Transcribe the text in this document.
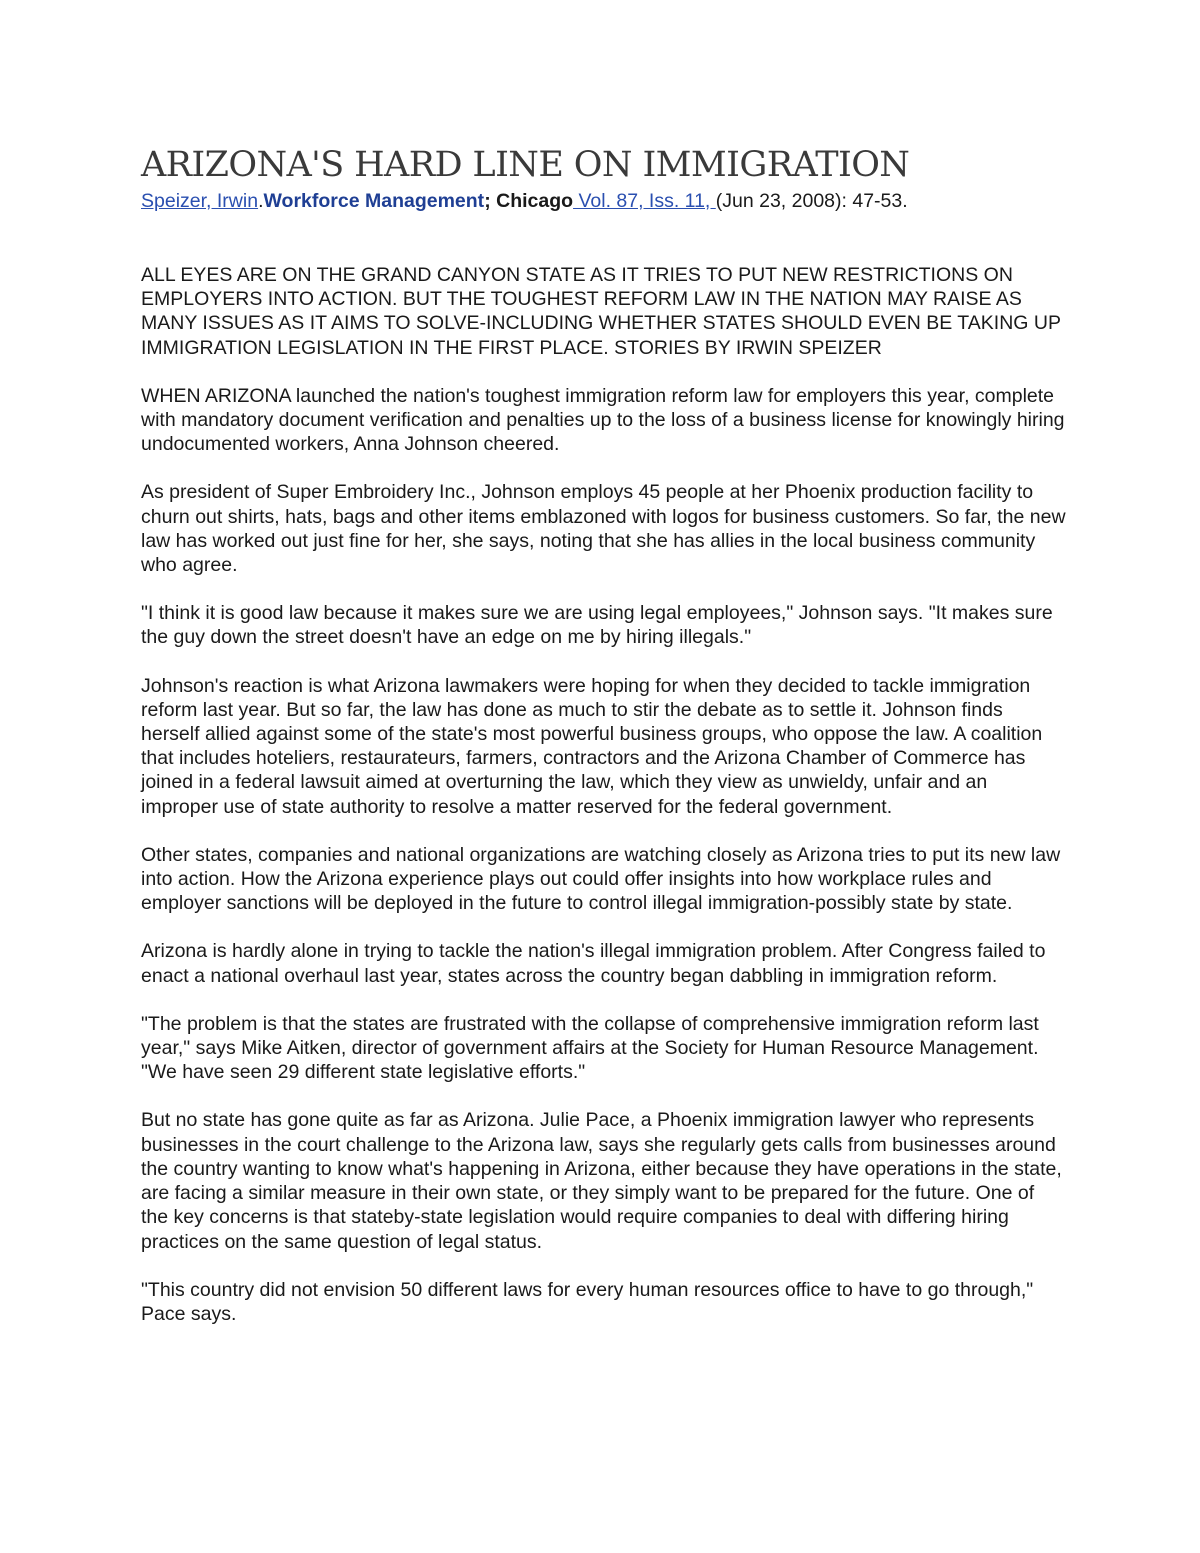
ARIZONA'S HARD LINE ON IMMIGRATION
Speizer, Irwin.Workforce Management; Chicago Vol. 87, Iss. 11, (Jun 23, 2008): 47-53.

ALL EYES ARE ON THE GRAND CANYON STATE AS IT TRIES TO PUT NEW RESTRICTIONS ON EMPLOYERS INTO ACTION. BUT THE TOUGHEST REFORM LAW IN THE NATION MAY RAISE AS MANY ISSUES AS IT AIMS TO SOLVE-INCLUDING WHETHER STATES SHOULD EVEN BE TAKING UP IMMIGRATION LEGISLATION IN THE FIRST PLACE. STORIES BY IRWIN SPEIZER

WHEN ARIZONA launched the nation's toughest immigration reform law for employers this year, complete with mandatory document verification and penalties up to the loss of a business license for knowingly hiring undocumented workers, Anna Johnson cheered.

As president of Super Embroidery Inc., Johnson employs 45 people at her Phoenix production facility to churn out shirts, hats, bags and other items emblazoned with logos for business customers. So far, the new law has worked out just fine for her, she says, noting that she has allies in the local business community who agree.

"I think it is good law because it makes sure we are using legal employees," Johnson says. "It makes sure the guy down the street doesn't have an edge on me by hiring illegals."

Johnson's reaction is what Arizona lawmakers were hoping for when they decided to tackle immigration reform last year. But so far, the law has done as much to stir the debate as to settle it. Johnson finds herself allied against some of the state's most powerful business groups, who oppose the law. A coalition that includes hoteliers, restaurateurs, farmers, contractors and the Arizona Chamber of Commerce has joined in a federal lawsuit aimed at overturning the law, which they view as unwieldy, unfair and an improper use of state authority to resolve a matter reserved for the federal government.

Other states, companies and national organizations are watching closely as Arizona tries to put its new law into action. How the Arizona experience plays out could offer insights into how workplace rules and employer sanctions will be deployed in the future to control illegal immigration-possibly state by state.

Arizona is hardly alone in trying to tackle the nation's illegal immigration problem. After Congress failed to enact a national overhaul last year, states across the country began dabbling in immigration reform.

"The problem is that the states are frustrated with the collapse of comprehensive immigration reform last year," says Mike Aitken, director of government affairs at the Society for Human Resource Management. "We have seen 29 different state legislative efforts."

But no state has gone quite as far as Arizona. Julie Pace, a Phoenix immigration lawyer who represents businesses in the court challenge to the Arizona law, says she regularly gets calls from businesses around the country wanting to know what's happening in Arizona, either because they have operations in the state, are facing a similar measure in their own state, or they simply want to be prepared for the future. One of the key concerns is that stateby-state legislation would require companies to deal with differing hiring practices on the same question of legal status.

"This country did not envision 50 different laws for every human resources office to have to go through," Pace says.
